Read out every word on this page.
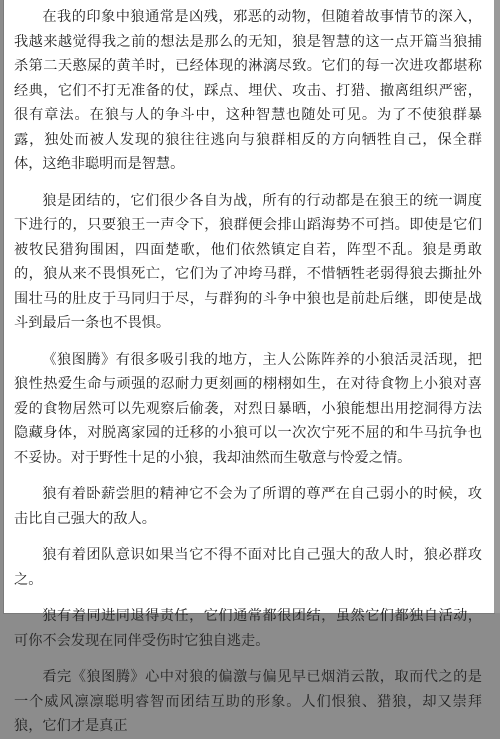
在我的印象中狼通常是凶残，邪恶的动物，但随着故事情节的深入，我越来越觉得我之前的想法是那么的无知，狼是智慧的这一点开篇当狼捕杀第二天憨屎的黄羊时，已经体现的淋漓尽致。它们的每一次进攻都堪称经典，它们不打无准备的仗，踩点、埋伏、攻击、打猎、撤离组织严密，很有章法。在狼与人的争斗中，这种智慧也随处可见。为了不使狼群暴露，独处而被人发现的狼往往逃向与狼群相反的方向牺牲自己，保全群体，这绝非聪明而是智慧。

狼是团结的，它们很少各自为战，所有的行动都是在狼王的统一调度下进行的，只要狼王一声令下，狼群便会排山蹈海势不可挡。即使是它们被牧民猎狗围困，四面楚歌，他们依然镇定自若，阵型不乱。狼是勇敢的，狼从来不畏惧死亡，它们为了冲垮马群，不惜牺牲老弱得狼去撕扯外围壮马的肚皮于马同归于尽，与群狗的斗争中狼也是前赴后继，即使是战斗到最后一条也不畏惧。

《狼图腾》有很多吸引我的地方，主人公陈阵养的小狼活灵活现，把狼性热爱生命与顽强的忍耐力更刻画的栩栩如生，在对待食物上小狼对喜爱的食物居然可以先观察后偷袭，对烈日暴晒，小狼能想出用挖洞得方法隐藏身体，对脱离家园的迁移的小狼可以一次次宁死不屈的和牛马抗争也不妥协。对于野性十足的小狼，我却油然而生敬意与怜爱之情。

狼有着卧薪尝胆的精神它不会为了所谓的尊严在自己弱小的时候，攻击比自己强大的敌人。

狼有着团队意识如果当它不得不面对比自己强大的敌人时，狼必群攻之。

狼有着同进同退得责任，它们通常都很团结，虽然它们都独自活动，可你不会发现在同伴受伤时它独自逃走。

看完《狼图腾》心中对狼的偏激与偏见早已烟消云散，取而代之的是一个威风凛凛聪明睿智而团结互助的形象。人们恨狼、猎狼，却又崇拜狼，它们才是真正
